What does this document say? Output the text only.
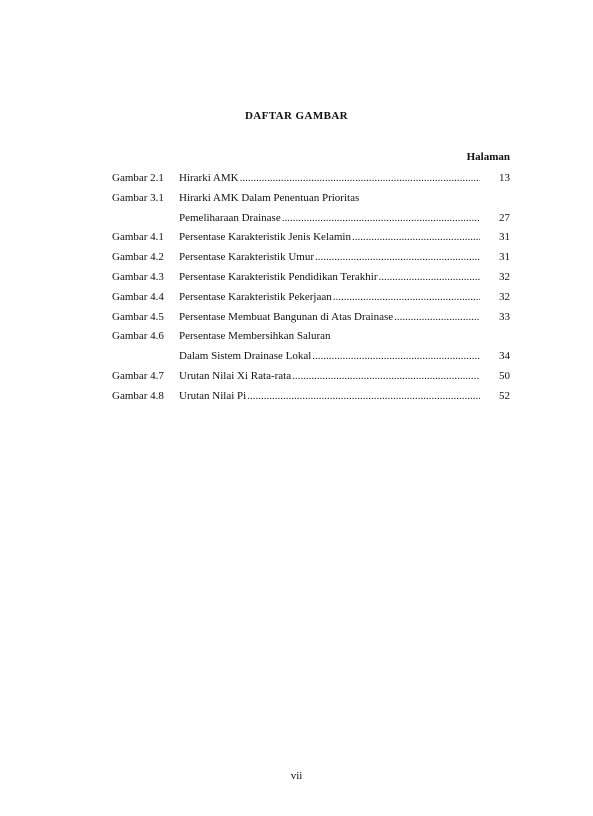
DAFTAR GAMBAR
Halaman
Gambar 2.1 Hirarki AMK .....	13
Gambar 3.1 Hirarki AMK Dalam Penentuan Prioritas
Pemeliharaan Drainase .....	27
Gambar 4.1 Persentase Karakteristik Jenis Kelamin .....	31
Gambar 4.2 Persentase Karakteristik Umur .....	31
Gambar 4.3 Persentase Karakteristik Pendidikan Terakhir .....	32
Gambar 4.4 Persentase Karakteristik Pekerjaan .....	32
Gambar 4.5 Persentase Membuat Bangunan di Atas Drainase .....	33
Gambar 4.6 Persentase Membersihkan Saluran
Dalam Sistem Drainase Lokal .....	34
Gambar 4.7 Urutan Nilai Xi Rata-rata .....	50
Gambar 4.8 Urutan Nilai Pi .....	52
vii
